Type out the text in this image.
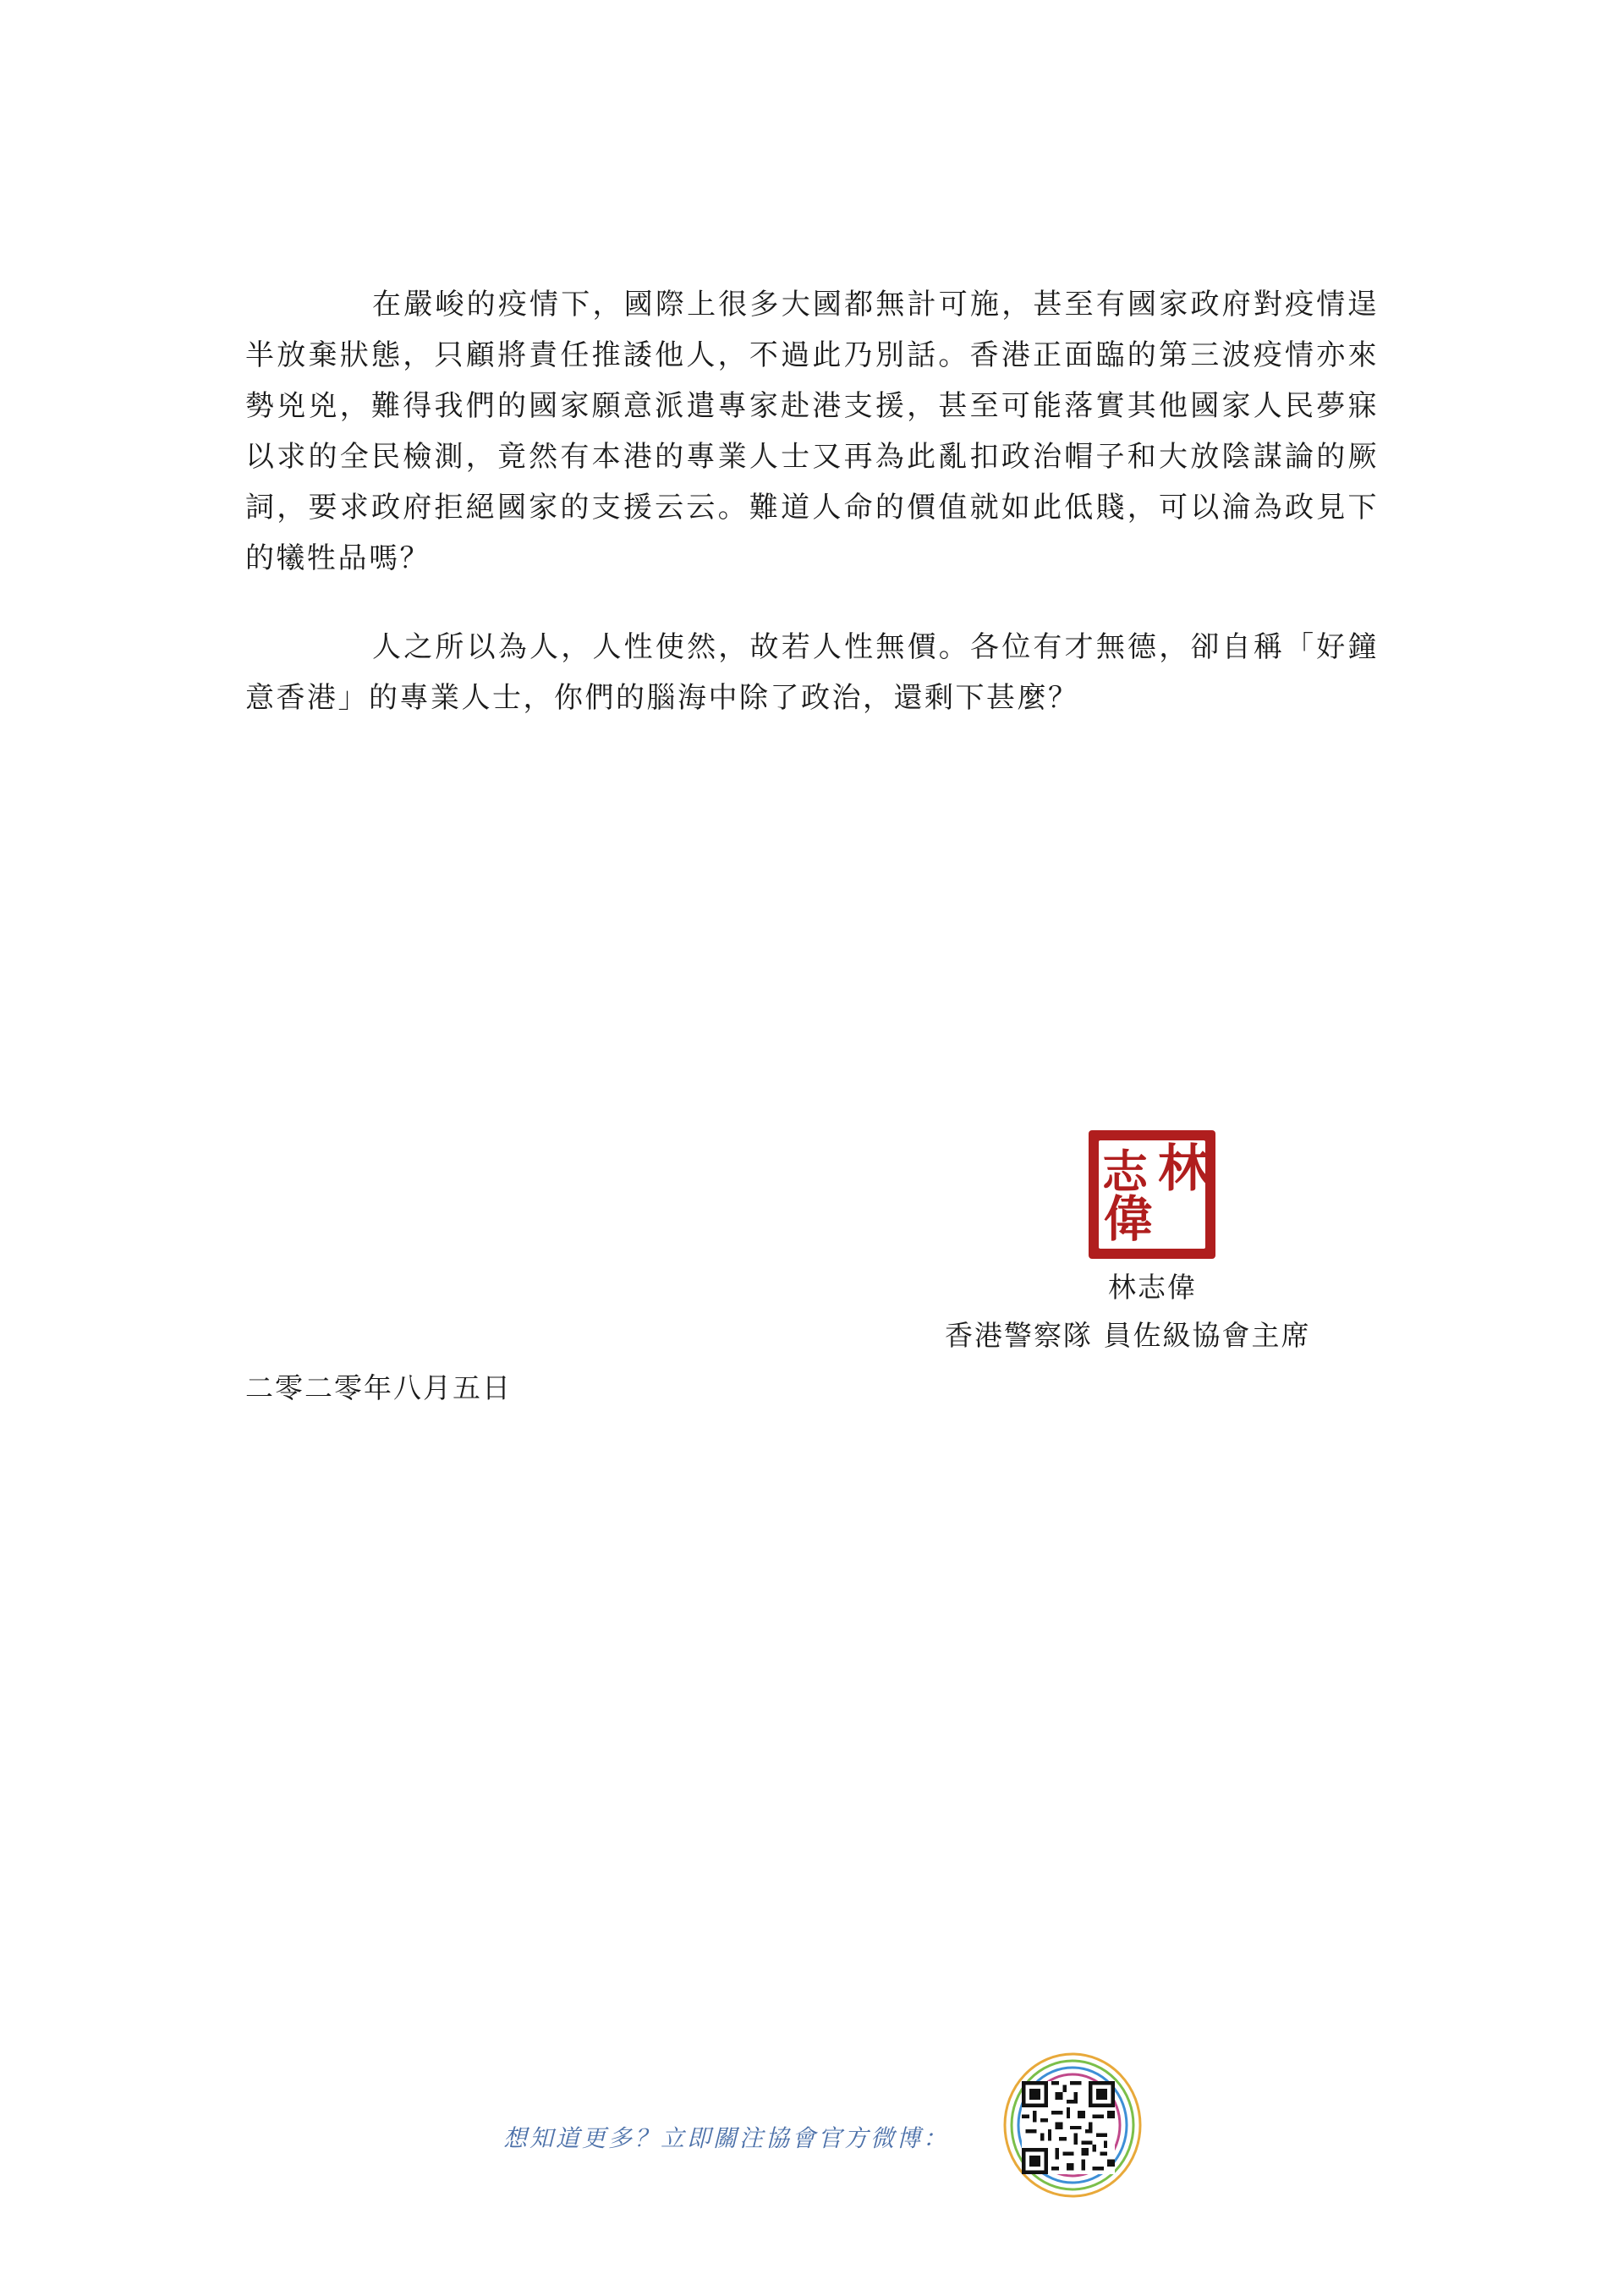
在嚴峻的疫情下，國際上很多大國都無計可施，甚至有國家政府對疫情逞半放棄狀態，只顧將責任推諉他人，不過此乃別話。香港正面臨的第三波疫情亦來勢兇兇，難得我們的國家願意派遣專家赴港支援，甚至可能落實其他國家人民夢寐以求的全民檢測，竟然有本港的專業人士又再為此亂扣政治帽子和大放陰謀論的厥詞，要求政府拒絕國家的支援云云。難道人命的價值就如此低賤，可以淪為政見下的犧牲品嗎？

人之所以為人，人性使然，故若人性無價。各位有才無德，卻自稱「好鐘意香港」的專業人士，你們的腦海中除了政治，還剩下甚麼？

林
志
偉

林志偉

香港警察隊 員佐級協會主席

二零二零年八月五日

想知道更多？立即關注協會官方微博：
